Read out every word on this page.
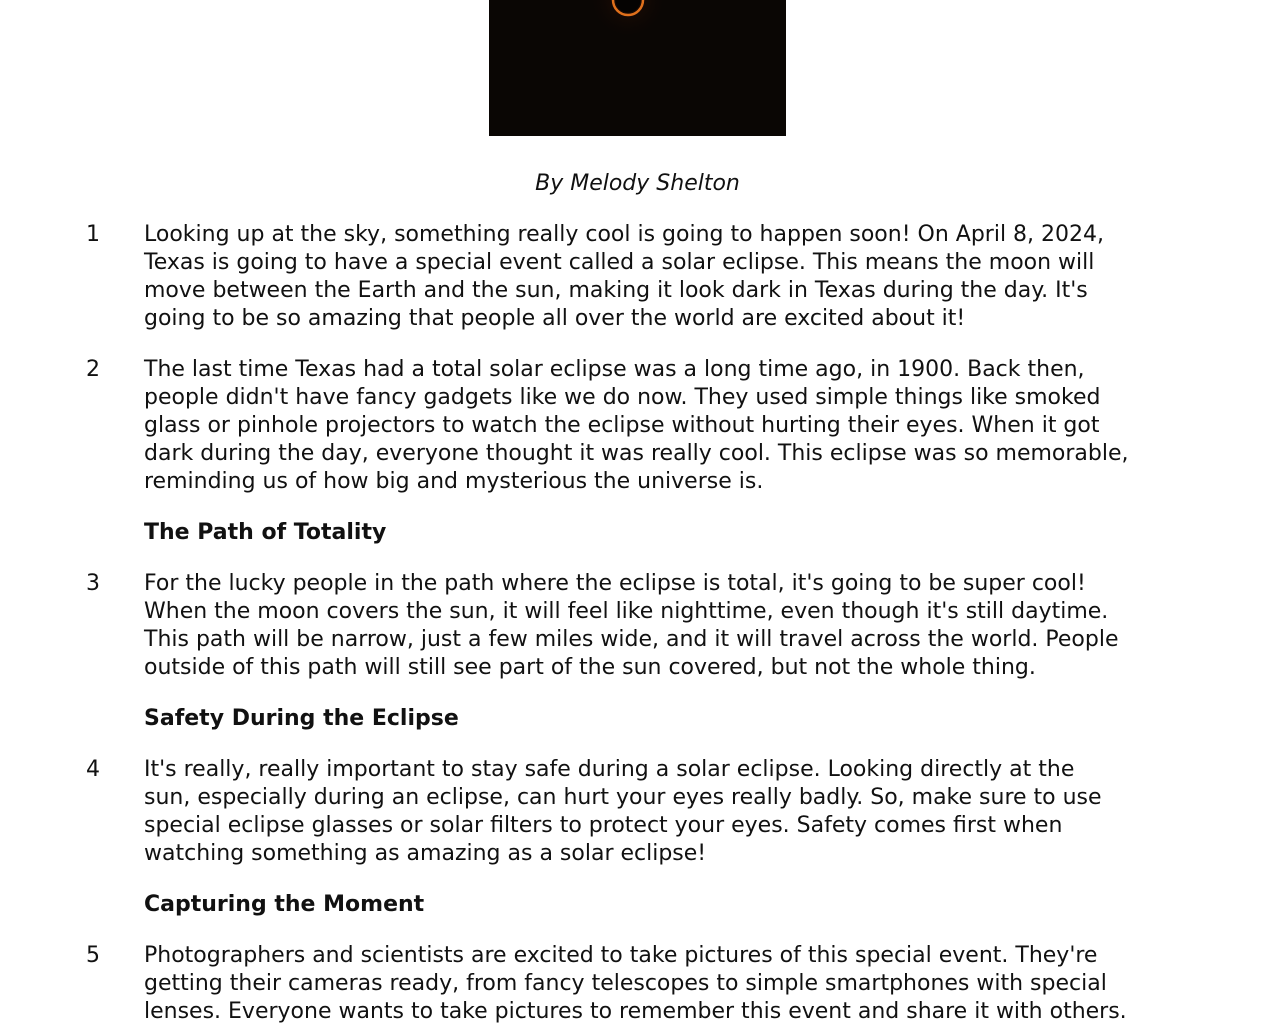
By Melody Shelton
1 Looking up at the sky, something really cool is going to happen soon! On April 8, 2024,
Texas is going to have a special event called a solar eclipse. This means the moon will
move between the Earth and the sun, making it look dark in Texas during the day. It's
going to be so amazing that people all over the world are excited about it!
2 The last time Texas had a total solar eclipse was a long time ago, in 1900. Back then,
people didn't have fancy gadgets like we do now. They used simple things like smoked
glass or pinhole projectors to watch the eclipse without hurting their eyes. When it got
dark during the day, everyone thought it was really cool. This eclipse was so memorable,
reminding us of how big and mysterious the universe is.
The Path of Totality
3 For the lucky people in the path where the eclipse is total, it's going to be super cool!
When the moon covers the sun, it will feel like nighttime, even though it's still daytime.
This path will be narrow, just a few miles wide, and it will travel across the world. People
outside of this path will still see part of the sun covered, but not the whole thing.
Safety During the Eclipse
4 It's really, really important to stay safe during a solar eclipse. Looking directly at the
sun, especially during an eclipse, can hurt your eyes really badly. So, make sure to use
special eclipse glasses or solar filters to protect your eyes. Safety comes first when
watching something as amazing as a solar eclipse!
Capturing the Moment
5 Photographers and scientists are excited to take pictures of this special event. They're
getting their cameras ready, from fancy telescopes to simple smartphones with special
lenses. Everyone wants to take pictures to remember this event and share it with others.
